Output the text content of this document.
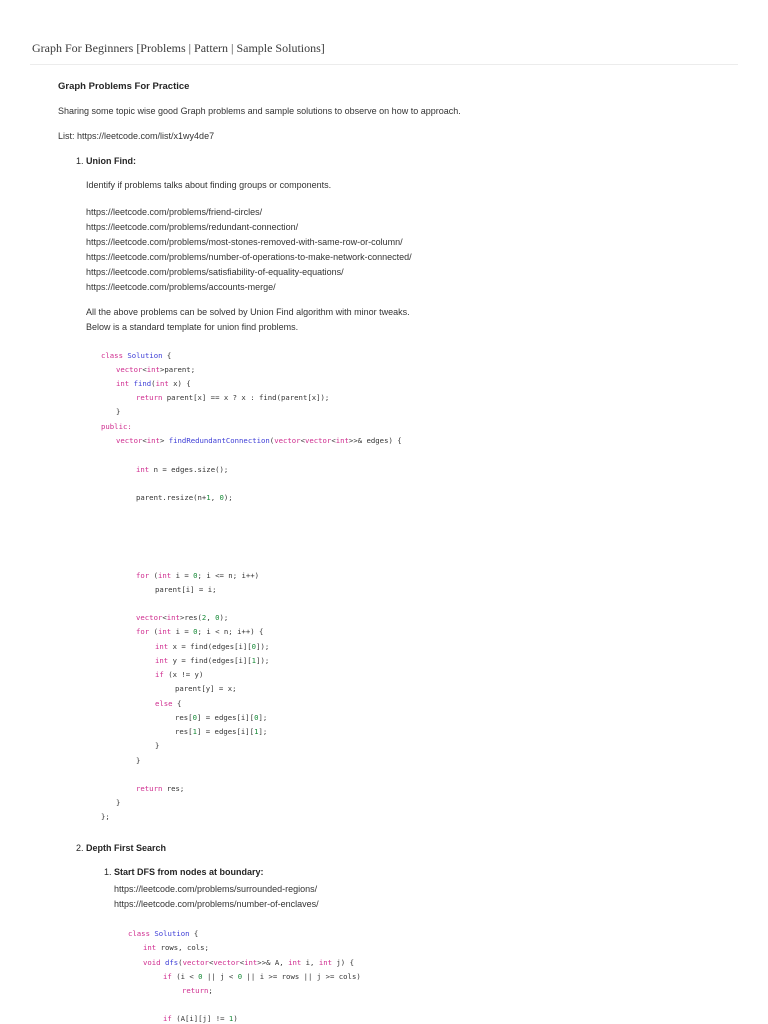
Graph For Beginners [Problems | Pattern | Sample Solutions]
Graph Problems For Practice
Sharing some topic wise good Graph problems and sample solutions to observe on how to approach.
List: https://leetcode.com/list/x1wy4de7
1. Union Find:
Identify if problems talks about finding groups or components.
https://leetcode.com/problems/friend-circles/
https://leetcode.com/problems/redundant-connection/
https://leetcode.com/problems/most-stones-removed-with-same-row-or-column/
https://leetcode.com/problems/number-of-operations-to-make-network-connected/
https://leetcode.com/problems/satisfiability-of-equality-equations/
https://leetcode.com/problems/accounts-merge/
All the above problems can be solved by Union Find algorithm with minor tweaks.
Below is a standard template for union find problems.
class Solution {
vector<int>parent;
int find(int x) {
return parent[x] == x ? x : find(parent[x]);
}
public:
vector<int> findRedundantConnection(vector<vector<int>>& edges) {
int n = edges.size();
parent.resize(n+1, 0);
for (int i = 0; i <= n; i++)
parent[i] = i;
vector<int>res(2, 0);
for (int i = 0; i < n; i++) {
int x = find(edges[i][0]);
int y = find(edges[i][1]);
if (x != y)
parent[y] = x;
else {
res[0] = edges[i][0];
res[1] = edges[i][1];
}
}
return res;
}
};
2. Depth First Search
1. Start DFS from nodes at boundary:
https://leetcode.com/problems/surrounded-regions/
https://leetcode.com/problems/number-of-enclaves/
class Solution {
int rows, cols;
void dfs(vector<vector<int>>& A, int i, int j) {
if (i < 0 || j < 0 || i >= rows || j >= cols)
return;
if (A[i][j] != 1)
